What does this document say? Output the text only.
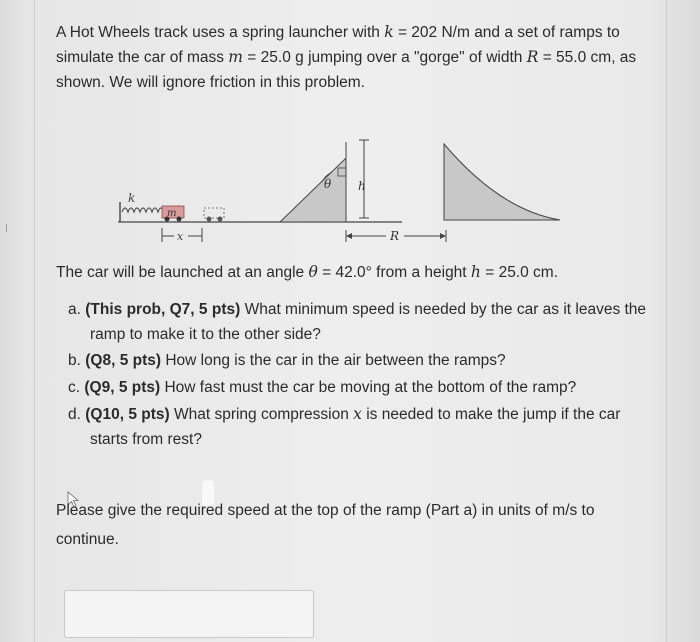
A Hot Wheels track uses a spring launcher with k = 202 N/m and a set of ramps to simulate the car of mass m = 25.0 g jumping over a "gorge" of width R = 55.0 cm, as shown. We will ignore friction in this problem.

k
m
x
θ h
R

The car will be launched at an angle θ = 42.0° from a height h = 25.0 cm.

a. (This prob, Q7, 5 pts) What minimum speed is needed by the car as it leaves the ramp to make it to the other side?
b. (Q8, 5 pts) How long is the car in the air between the ramps?
c. (Q9, 5 pts) How fast must the car be moving at the bottom of the ramp?
d. (Q10, 5 pts) What spring compression x is needed to make the jump if the car starts from rest?

Please give the required speed at the top of the ramp (Part a) in units of m/s to continue.
